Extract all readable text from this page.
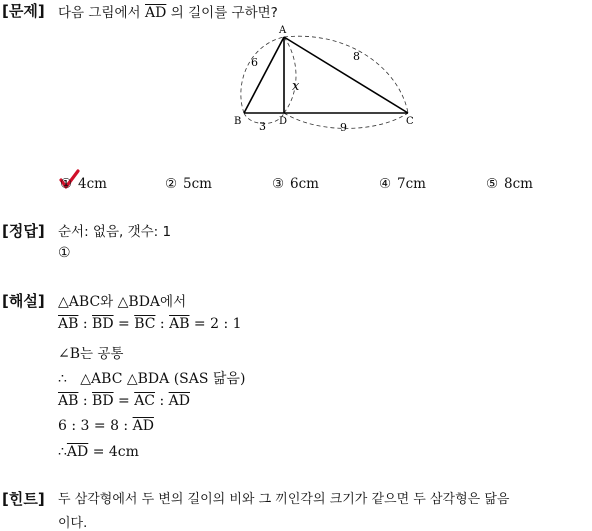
[문제] 다음 그림에서 $\overline{AD}$ 의 길이를 구하면?
A
B	D	C
6	8
3	9
x
① 4cm	② 5cm	③ 6cm	④ 7cm	⑤ 8cm
[정답] 순서: 없음, 갯수: 1
①
[해설] △ABC와 △BDA에서
$\overline{AB}$ : $\overline{BD} = \overline{BC}$ : $\overline{AB} = 2$ : 1
∠B는 공통
∴   △ABC △BDA (SAS 닮음)
$\overline{AB}$ : $\overline{BD} = \overline{AC}$ : $\overline{AD}$
6 : 3 = 8 : $\overline{AD}$
$\therefore\overline{AD} = 4cm$
[힌트] 두 삼각형에서 두 변의 길이의 비와 그 끼인각의 크기가 같으면 두 삼각형은 닮음
이다.
